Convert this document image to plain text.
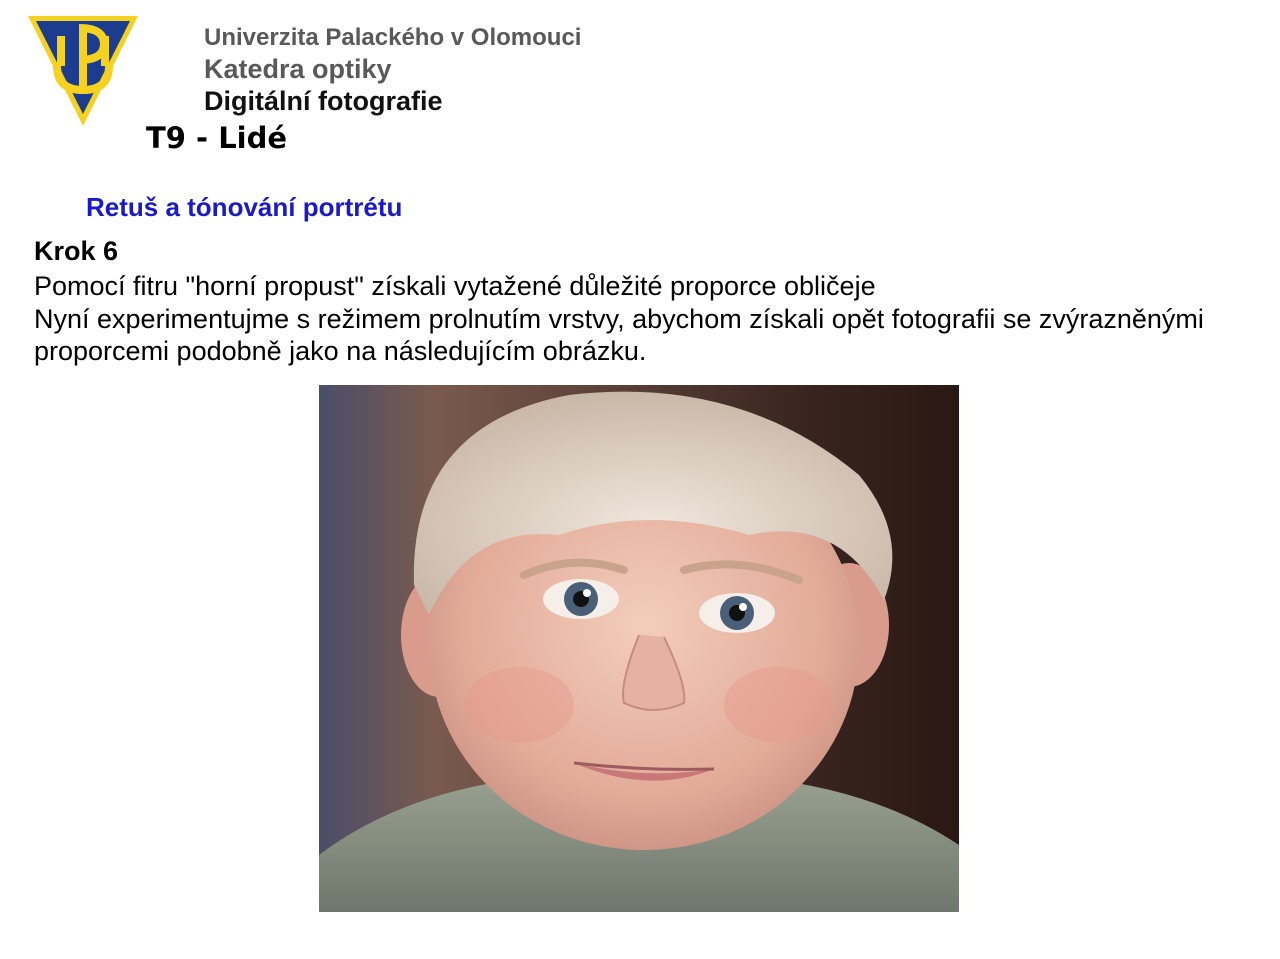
Univerzita Palackého v Olomouci
Katedra optiky
Digitální fotografie
T9 - Lidé
Retuš a tónování portrétu
Krok 6

Pomocí fitru "horní propust" získali vytažené důležité proporce obličeje

Nyní experimentujme s režimem prolnutím vrstvy, abychom získali opět fotografii se zvýrazněnými proporcemi podobně jako na následujícím obrázku.
